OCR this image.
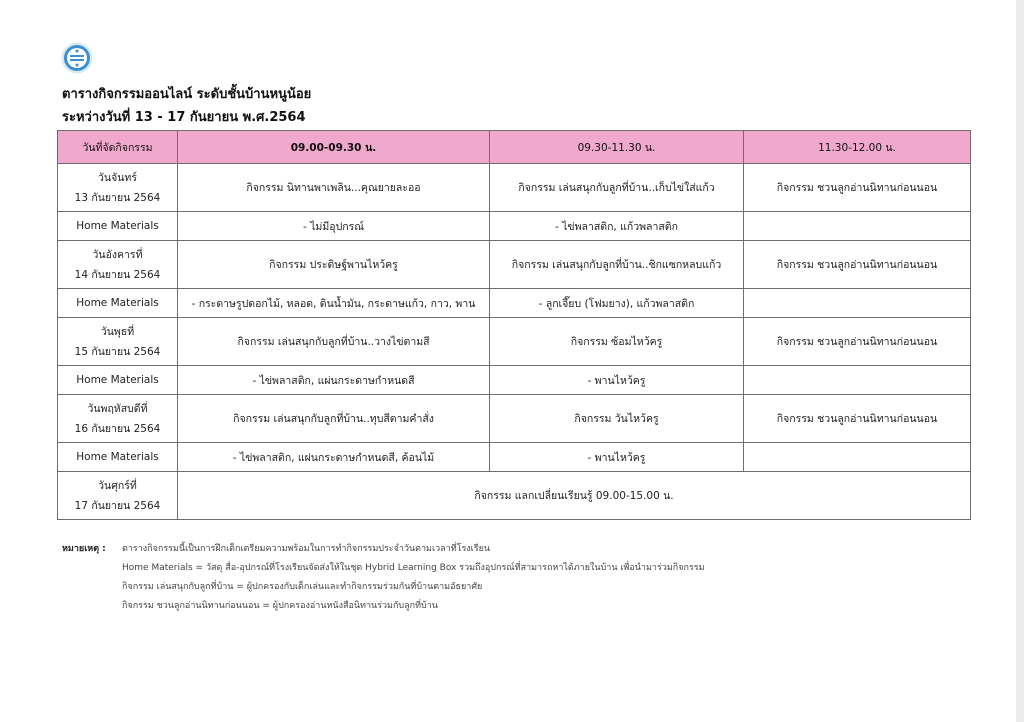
ตารางกิจกรรมออนไลน์ ระดับชั้นบ้านหนูน้อย
ระหว่างวันที่ 13 - 17 กันยายน พ.ศ.2564
วันที่จัดกิจกรรม	09.00-09.30 น.	09.30-11.30 น.	11.30-12.00 น.

วันจันทร์
13 กันยายน 2564	กิจกรรม นิทานพาเพลิน...คุณยายละออ	กิจกรรม เล่นสนุกกับลูกที่บ้าน..เก็บไข่ใส่แก้ว	กิจกรรม ชวนลูกอ่านนิทานก่อนนอน
Home Materials	- ไม่มีอุปกรณ์	- ไข่พลาสติก, แก้วพลาสติก	

วันอังคารที่
14 กันยายน 2564	กิจกรรม ประดิษฐ์พานไหว้ครู	กิจกรรม เล่นสนุกกับลูกที่บ้าน..ชิกแซกหลบแก้ว	กิจกรรม ชวนลูกอ่านนิทานก่อนนอน
Home Materials	- กระดาษรูปดอกไม้, หลอด, ดินน้ำมัน, กระดาษแก้ว, กาว, พาน	- ลูกเจี๊ยบ (โฟมยาง), แก้วพลาสติก	

วันพุธที่
15 กันยายน 2564	กิจกรรม เล่นสนุกกับลูกที่บ้าน..วางไข่ตามสี	กิจกรรม ซ้อมไหว้ครู	กิจกรรม ชวนลูกอ่านนิทานก่อนนอน
Home Materials	- ไข่พลาสติก, แผ่นกระดาษกำหนดสี	- พานไหว้ครู	

วันพฤหัสบดีที่
16 กันยายน 2564	กิจกรรม เล่นสนุกกับลูกที่บ้าน..ทุบสีตามคำสั่ง	กิจกรรม วันไหว้ครู	กิจกรรม ชวนลูกอ่านนิทานก่อนนอน
Home Materials	- ไข่พลาสติก, แผ่นกระดาษกำหนดสี, ค้อนไม้	- พานไหว้ครู	

วันศุกร์ที่
17 กันยายน 2564	กิจกรรม แลกเปลี่ยนเรียนรู้ 09.00-15.00 น.		
หมายเหตุ :	ตารางกิจกรรมนี้เป็นการฝึกเด็กเตรียมความพร้อมในการทำกิจกรรมประจำวันตามเวลาที่โรงเรียน
Home Materials = วัสดุ สื่อ-อุปกรณ์ที่โรงเรียนจัดส่งให้ในชุด Hybrid Learning Box รวมถึงอุปกรณ์ที่สามารถหาได้ภายในบ้าน เพื่อนำมาร่วมกิจกรรม
กิจกรรม เล่นสนุกกับลูกที่บ้าน = ผู้ปกครองกับเด็กเล่นและทำกิจกรรมร่วมกันที่บ้านตามอัธยาศัย
กิจกรรม ชวนลูกอ่านนิทานก่อนนอน = ผู้ปกครองอ่านหนังสือนิทานร่วมกับลูกที่บ้าน
